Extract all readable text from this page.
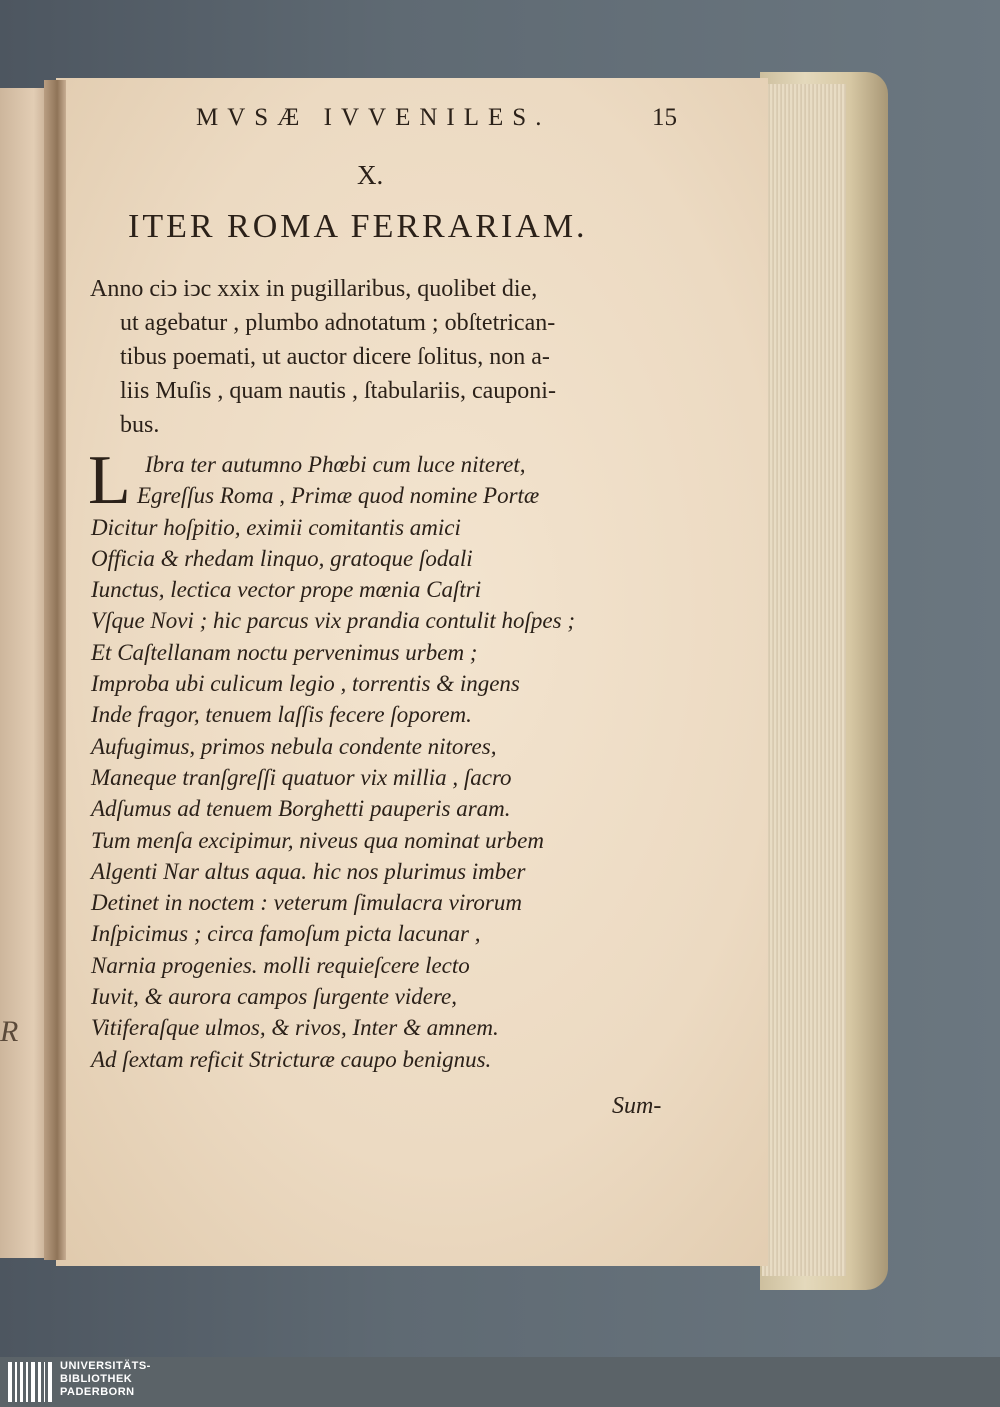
R
MVSÆ IVVENILES.	15
X.
ITER ROMA FERRARIAM.
Anno ciↄ iↄc xxix in pugillaribus, quolibet die,
ut agebatur , plumbo adnotatum ; obſtetrican-
tibus poemati, ut auctor dicere ſolitus, non a-
liis Muſis , quam nautis , ſtabulariis, cauponi-
bus.
L Ibra ter autumno Phœbi cum luce niteret,
Egreſſus Roma , Primæ quod nomine Portæ
Dicitur hoſpitio, eximii comitantis amici
Officia & rhedam linquo, gratoque ſodali
Iunctus, lectica vector prope mœnia Caſtri
Vſque Novi ; hic parcus vix prandia contulit hoſpes ;
Et Caſtellanam noctu pervenimus urbem ;
Improba ubi culicum legio , torrentis & ingens
Inde fragor, tenuem laſſis fecere ſoporem.
Aufugimus, primos nebula condente nitores,
Maneque tranſgreſſi quatuor vix millia , ſacro
Adſumus ad tenuem Borghetti pauperis aram.
Tum menſa excipimur, niveus qua nominat urbem
Algenti Nar altus aqua. hic nos plurimus imber
Detinet in noctem : veterum ſimulacra virorum
Inſpicimus ; circa famoſum picta lacunar ,
Narnia progenies. molli requieſcere lecto
Iuvit, & aurora campos ſurgente videre,
Vitiferaſque ulmos, & rivos, Inter & amnem.
Ad ſextam reficit Stricturæ caupo benignus.
Sum-
UNIVERSITÄTS-
BIBLIOTHEK
PADERBORN
